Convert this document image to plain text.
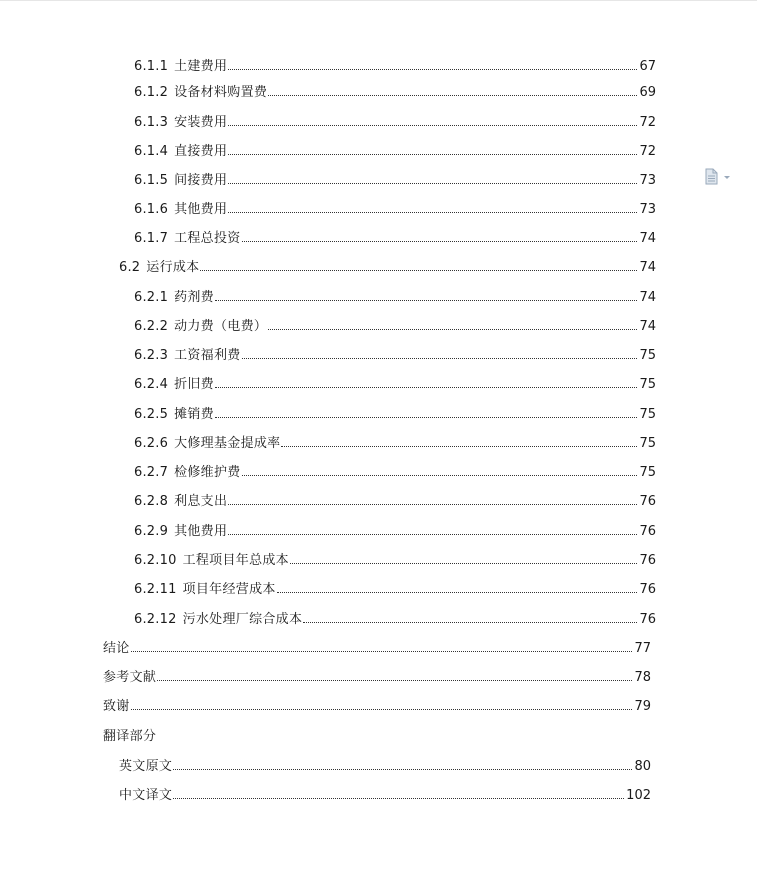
6.1.1 土建费用	67
6.1.2 设备材料购置费	69
6.1.3 安装费用	72
6.1.4 直接费用	72
6.1.5 间接费用	73
6.1.6 其他费用	73
6.1.7 工程总投资	74
6.2 运行成本	74
6.2.1 药剂费	74
6.2.2 动力费（电费）	74
6.2.3 工资福利费	75
6.2.4 折旧费	75
6.2.5 摊销费	75
6.2.6 大修理基金提成率	75
6.2.7 检修维护费	75
6.2.8 利息支出	76
6.2.9 其他费用	76
6.2.10 工程项目年总成本	76
6.2.11 项目年经营成本	76
6.2.12 污水处理厂综合成本	76
结论	77
参考文献	78
致谢	79
翻译部分
英文原文	80
中文译文	102
